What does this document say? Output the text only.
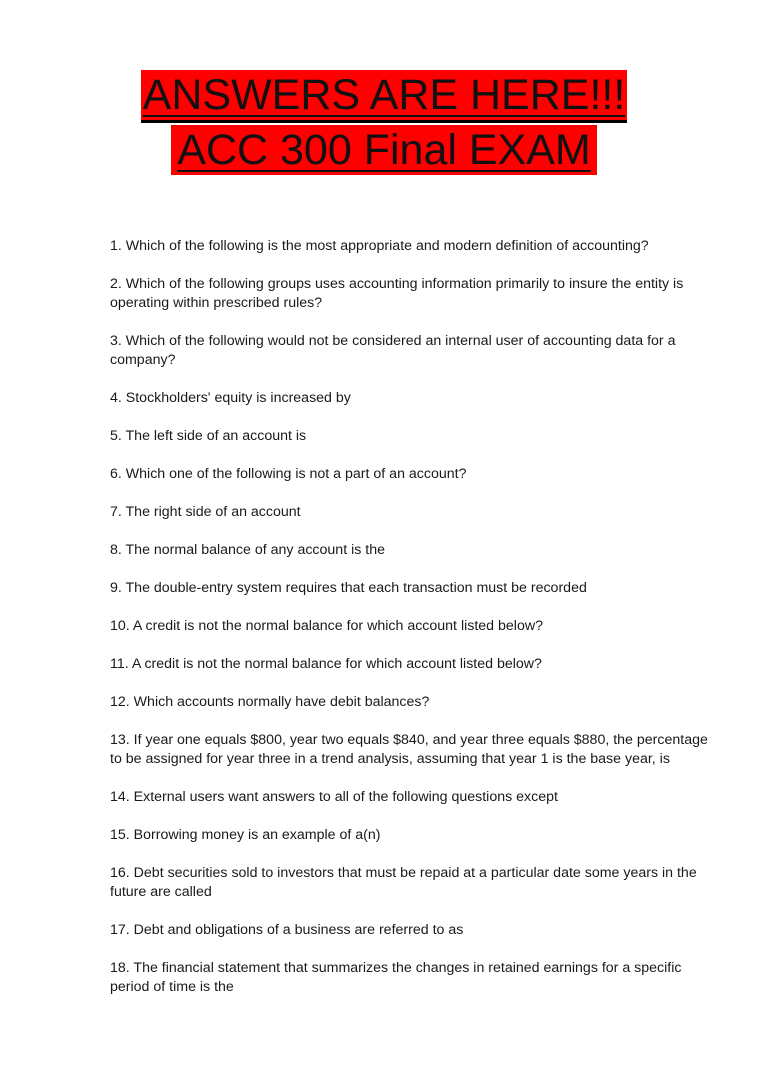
ANSWERS ARE HERE!!!
ACC 300 Final EXAM
1. Which of the following is the most appropriate and modern definition of accounting?
2. Which of the following groups uses accounting information primarily to insure the entity is operating within prescribed rules?
3. Which of the following would not be considered an internal user of accounting data for a company?
4. Stockholders' equity is increased by
5. The left side of an account is
6. Which one of the following is not a part of an account?
7. The right side of an account
8. The normal balance of any account is the
9. The double-entry system requires that each transaction must be recorded
10. A credit is not the normal balance for which account listed below?
11. A credit is not the normal balance for which account listed below?
12. Which accounts normally have debit balances?
13. If year one equals $800, year two equals $840, and year three equals $880, the percentage to be assigned for year three in a trend analysis, assuming that year 1 is the base year, is
14. External users want answers to all of the following questions except
15. Borrowing money is an example of a(n)
16. Debt securities sold to investors that must be repaid at a particular date some years in the future are called
17. Debt and obligations of a business are referred to as
18. The financial statement that summarizes the changes in retained earnings for a specific period of time is the
